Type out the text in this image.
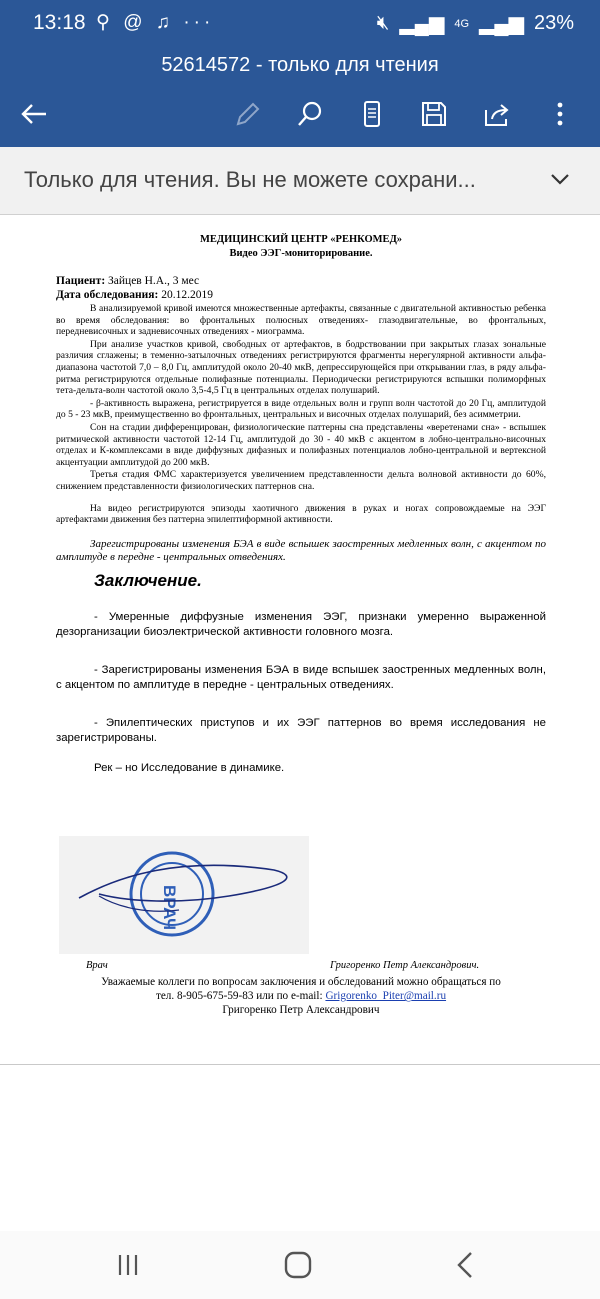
13:18 ⚲ @ ♫ ···	🔇︎ ▂▄▆ 4G ▂▄▆ 23%
52614572 - только для чтения
Только для чтения. Вы не можете сохрани...
МЕДИЦИНСКИЙ ЦЕНТР «РЕНКОМЕД»
Видео ЭЭГ-мониторирование.
Пациент: Зайцев Н.А., 3 мес
Дата обследования: 20.12.2019
В анализируемой кривой имеются множественные артефакты, связанные с двигательной активностью ребенка во время обследования: во фронтальных полюсных отведениях- глазодвигательные, во фронтальных, передневисочных и задневисочных отведениях - миограмма.
При анализе участков кривой, свободных от артефактов, в бодрствовании при закрытых глазах зональные различия сглажены; в теменно-затылочных отведениях регистрируются фрагменты нерегулярной активности альфа-диапазона частотой 7,0 – 8,0 Гц, амплитудой около 20-40 мкВ, депрессирующейся при открывании глаз, в ряду альфа-ритма регистрируются отдельные полифазные потенциалы. Периодически регистрируются вспышки полиморфных тета-дельта-волн частотой около 3,5-4,5 Гц в центральных отделах полушарий.
- β-активность выражена, регистрируется в виде отдельных волн и групп волн частотой до 20 Гц, амплитудой до 5 - 23 мкВ, преимущественно во фронтальных, центральных и височных отделах полушарий, без асимметрии.
Сон на стадии дифференцирован, физиологические паттерны сна представлены «веретенами сна» - вспышек ритмической активности частотой 12-14 Гц, амплитудой до 30 - 40 мкВ с акцентом в лобно-центрально-височных отделах и К-комплексами в виде диффузных дифазных и полифазных потенциалов лобно-центральной и вертексной акцентуации амплитудой до 200 мкВ.
Третья стадия ФМС характеризуется увеличением представленности дельта волновой активности до 60%, снижением представленности физиологических паттернов сна.
На видео регистрируются эпизоды хаотичного движения в руках и ногах сопровождаемые на ЭЭГ артефактами движения без паттерна эпилептиформной активности.
Зарегистрированы изменения БЭА в виде вспышек заостренных медленных волн, с акцентом по амплитуде в передне - центральных отведениях.
Заключение.
- Умеренные диффузные изменения ЭЭГ, признаки умеренно выраженной дезорганизации биоэлектрической активности головного мозга.
- Зарегистрированы изменения БЭА в виде вспышек заостренных медленных волн, с акцентом по амплитуде в передне - центральных отведениях.
- Эпилептических приступов и их ЭЭГ паттернов во время исследования не зарегистрированы.
Рек – но Исследование в динамике.
ВРАЧ
Врач	Григоренко Петр Александрович.
Уважаемые коллеги по вопросам заключения и обследований можно обращаться по
тел. 8-905-675-59-83 или по e-mail: Grigorenko_Piter@mail.ru
Григоренко Петр Александрович
